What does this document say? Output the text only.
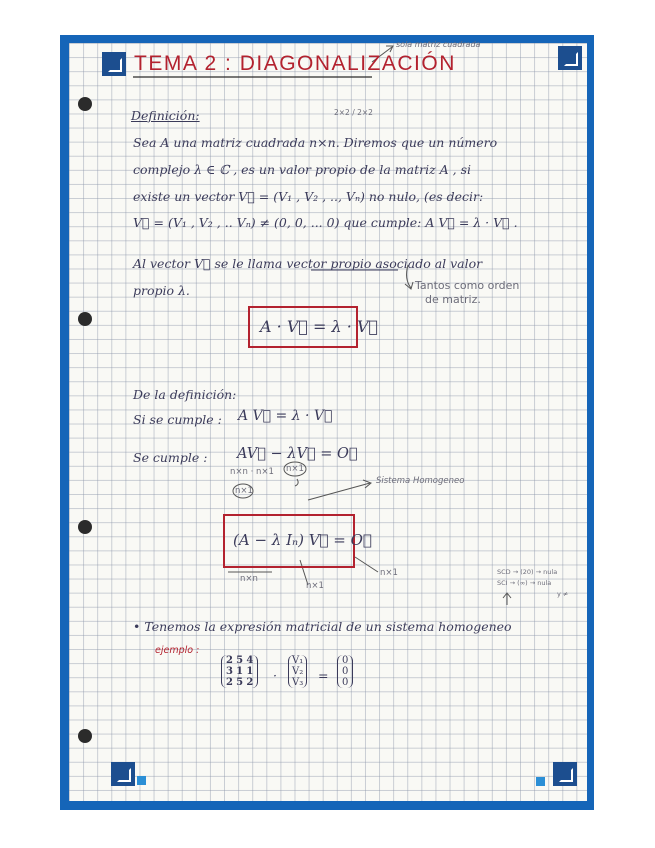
TEMA 2 : DIAGONALIZACIÓN
sola matriz cuadrada
Definición:	2×2 / 2×2
Sea A una matriz cuadrada n×n. Diremos que un número
complejo λ ∈ ℂ , es un valor propio de la matriz A , si
existe un vector V⃗ = (V₁ , V₂ , .., Vₙ) no nulo, (es decir:
V⃗ = (V₁ , V₂ , .. Vₙ) ≠ (0, 0, ... 0) que cumple: A V⃗ = λ · V⃗ .
Al vector V⃗ se le llama vector propio asociado al valor
propio λ.	Tantos como orden
de matriz.
A · V⃗ = λ · V⃗
De la definición:
Si se cumple : A V⃗ = λ · V⃗
Se cumple : AV⃗ − λV⃗ = O⃗
n×n · n×1
n×1
n×1
Sistema Homogeneo
(A − λ Iₙ) V⃗ = O⃗
n×n
n×1
n×1	SCD → (20) → nula
SCI → (∞) → nula
y ≠
• Tenemos la expresión matricial de un sistema homogeneo
ejemplo :
2 5 4
3 1 1
2 5 2 ·
V₁
V₂
V₃ =
0
0
0
